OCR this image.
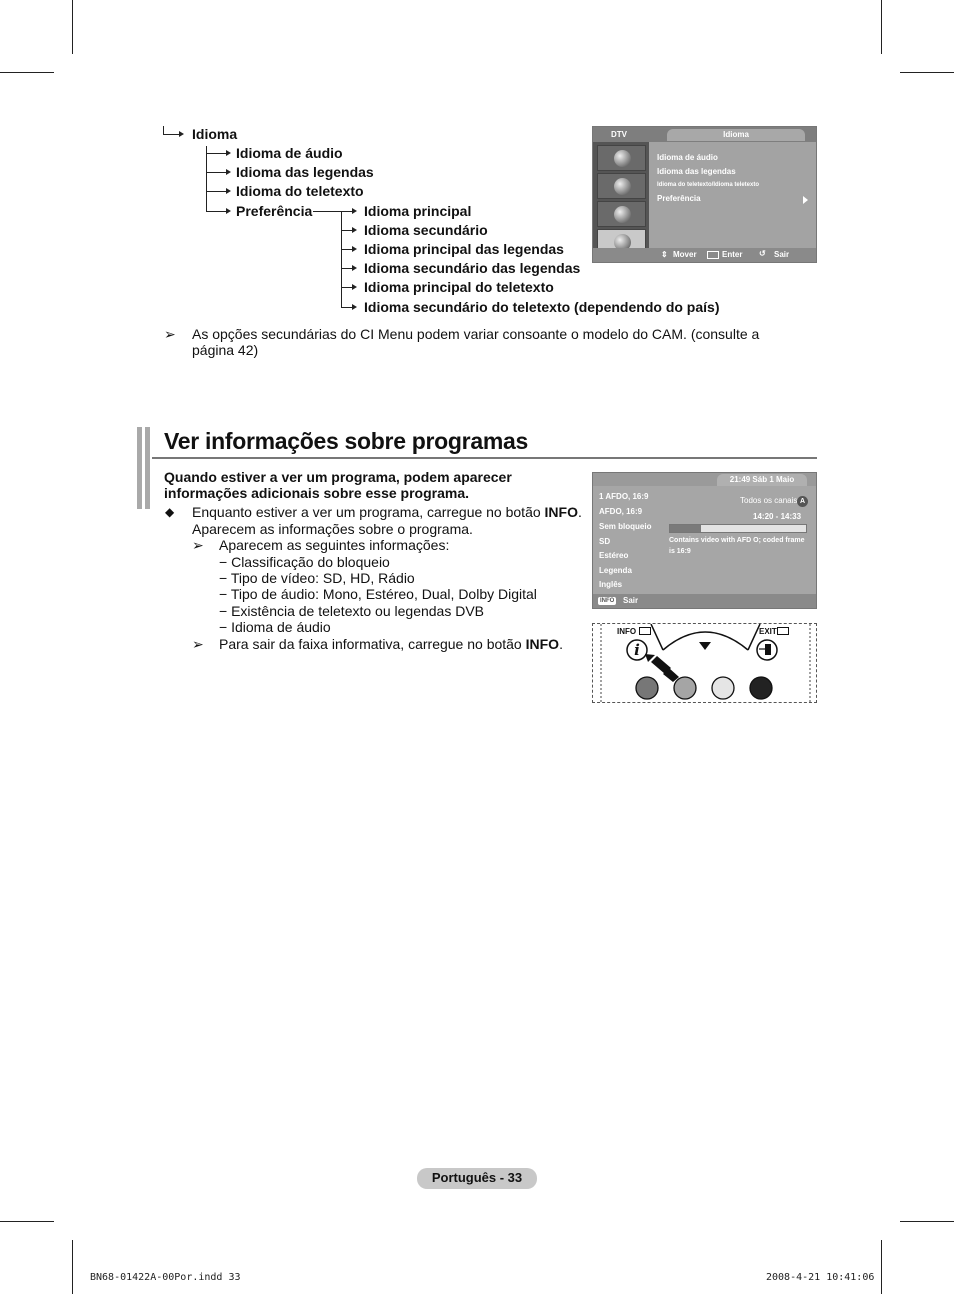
Idioma
Idioma de áudio
Idioma das legendas
Idioma do teletexto
Preferência	Idioma principal
Idioma secundário
Idioma principal das legendas
Idioma secundário das legendas
Idioma principal do teletexto
Idioma secundário do teletexto (dependendo do país)
DTV	Idioma
Idioma de áudio
Idioma das legendas
Idioma do teletexto/Idioma teletexto
Preferência
⇕ Mover	Enter ↺ Sair
➢ As opções secundárias do CI Menu podem variar consoante o modelo do CAM. (consulte a
página 42)
Ver informações sobre programas
Quando estiver a ver um programa, podem aparecer
informações adicionais sobre esse programa.
◆ Enquanto estiver a ver um programa, carregue no botão INFO.
Aparecem as informações sobre o programa.
➢ Aparecem as seguintes informações:
− Classificação do bloqueio
− Tipo de vídeo: SD, HD, Rádio
− Tipo de áudio: Mono, Estéreo, Dual, Dolby Digital
− Existência de teletexto ou legendas DVB
− Idioma de áudio
➢ Para sair da faixa informativa, carregue no botão INFO.
21:49 Sáb 1 Maio
1 AFDO, 16:9
AFDO, 16:9
Sem bloqueio
SD
Estéreo
Legenda
Inglês
Todos os canais A
14:20 - 14:33
Contains video with AFD O; coded frame
is 16:9
INFO Sair
INFO	EXIT
i
Português - 33
BN68-01422A-00Por.indd 33	2008-4-21 10:41:06
